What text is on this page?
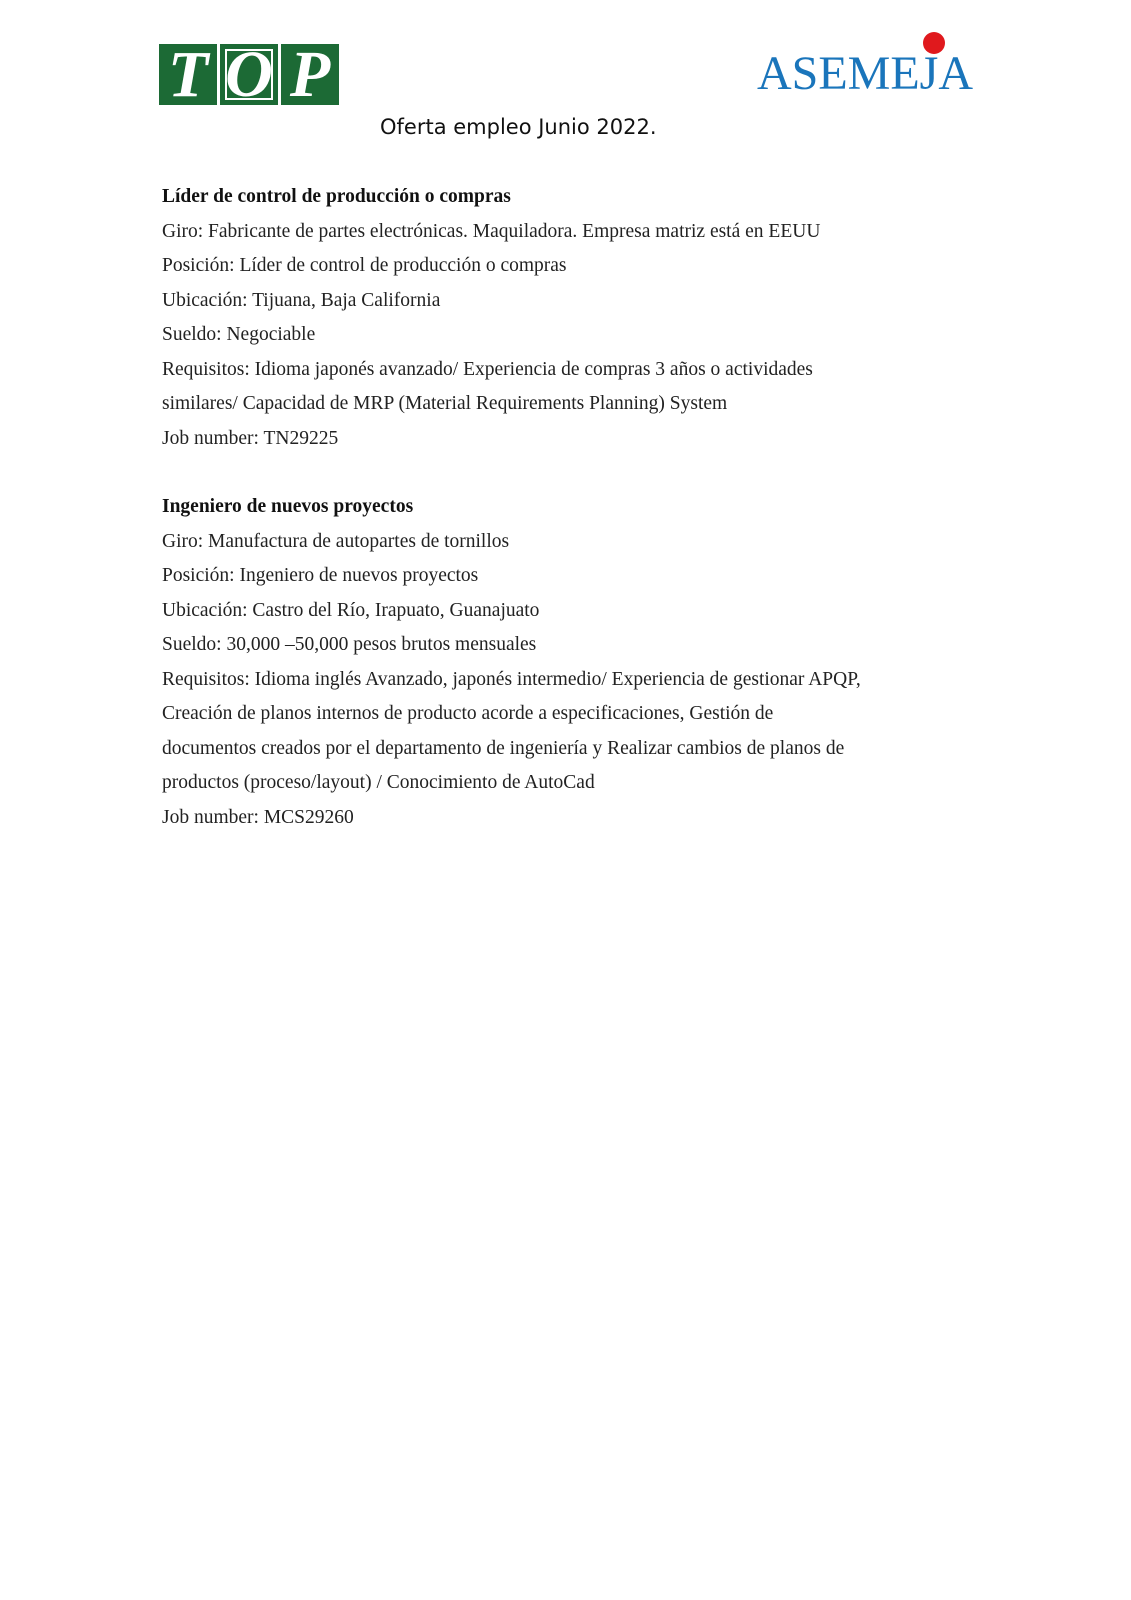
T O P	ASEMEJA
Oferta empleo Junio 2022.
Líder de control de producción o compras
Giro: Fabricante de partes electrónicas. Maquiladora. Empresa matriz está en EEUU
Posición: Líder de control de producción o compras
Ubicación: Tijuana, Baja California
Sueldo: Negociable
Requisitos: Idioma japonés avanzado/ Experiencia de compras 3 años o actividades
similares/ Capacidad de MRP (Material Requirements Planning) System
Job number: TN29225
Ingeniero de nuevos proyectos
Giro: Manufactura de autopartes de tornillos
Posición: Ingeniero de nuevos proyectos
Ubicación: Castro del Río, Irapuato, Guanajuato
Sueldo: 30,000 –50,000 pesos brutos mensuales
Requisitos: Idioma inglés Avanzado, japonés intermedio/ Experiencia de gestionar APQP,
Creación de planos internos de producto acorde a especificaciones, Gestión de
documentos creados por el departamento de ingeniería y Realizar cambios de planos de
productos (proceso/layout) / Conocimiento de AutoCad
Job number: MCS29260
